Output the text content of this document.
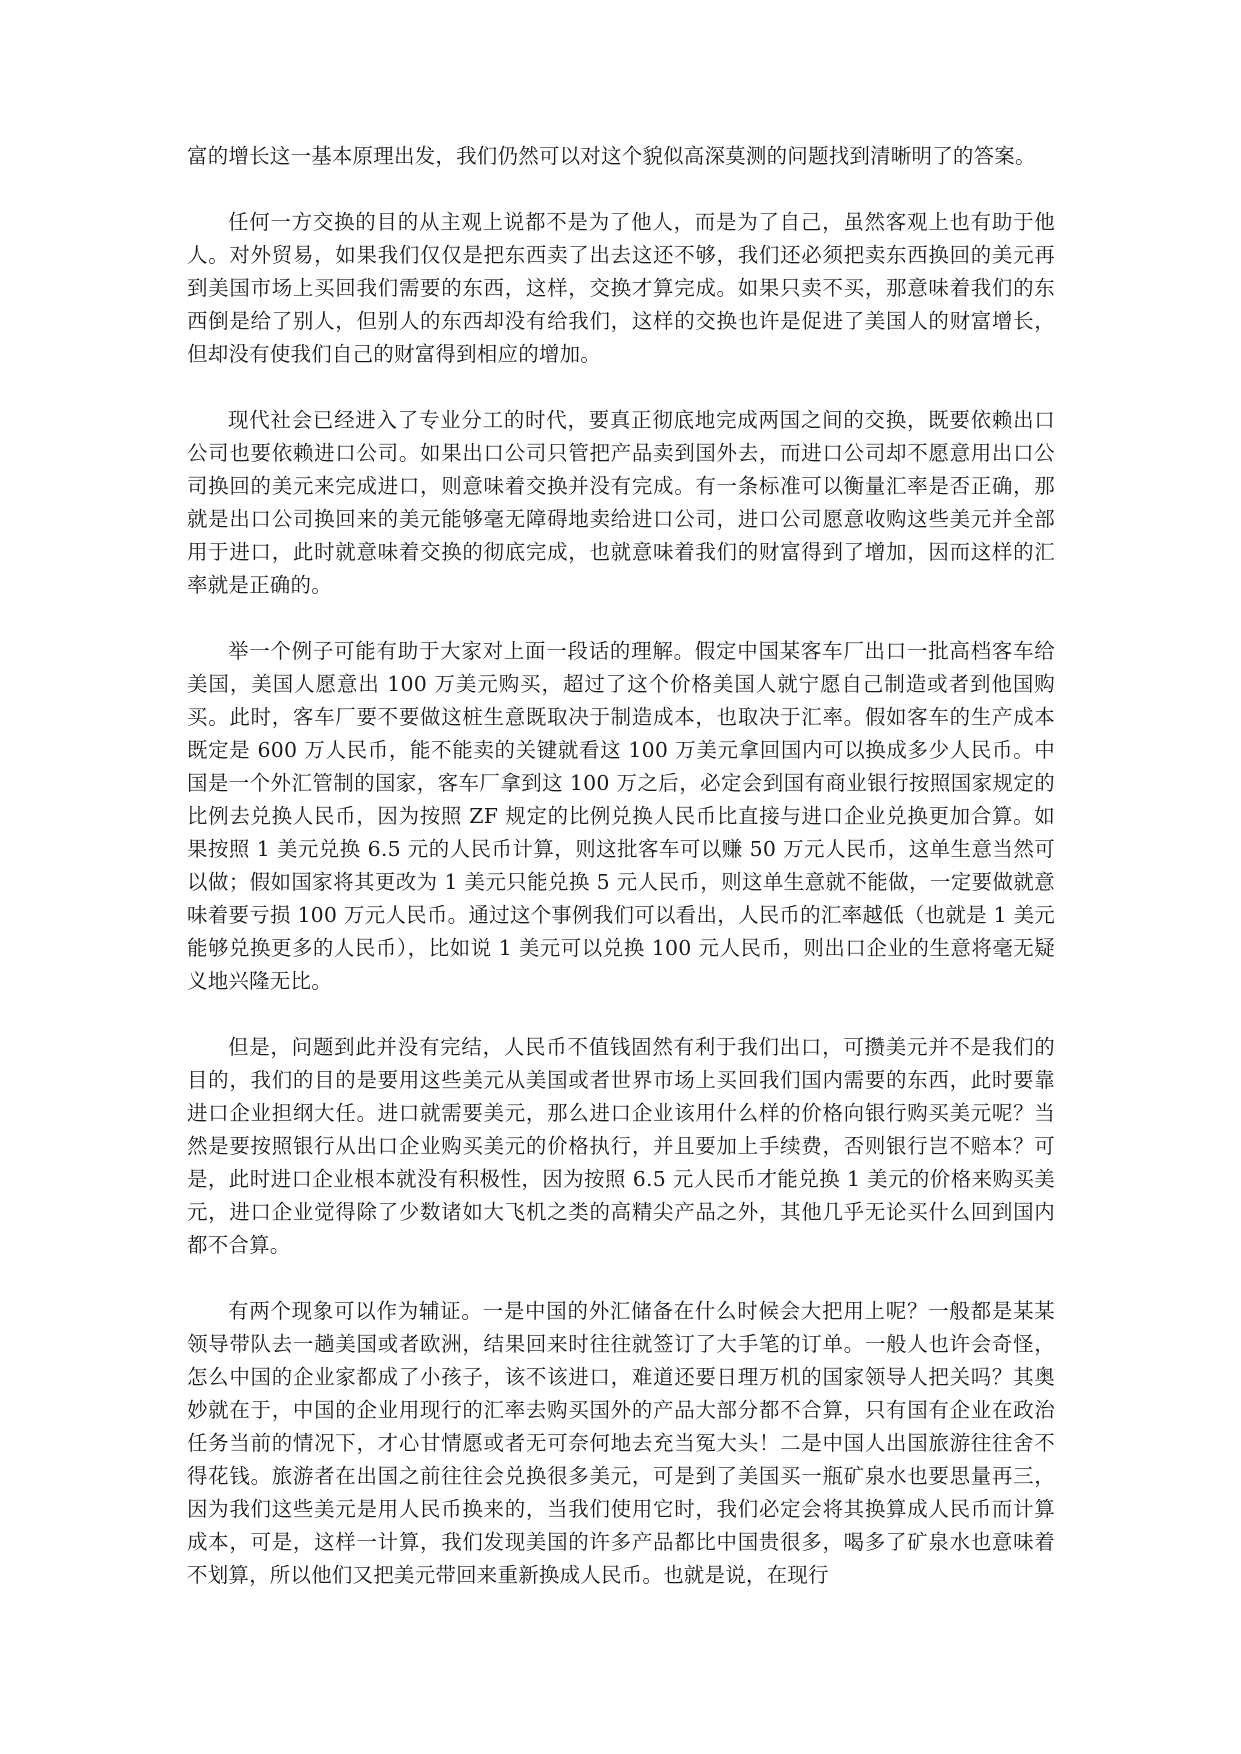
富的增长这一基本原理出发，我们仍然可以对这个貌似高深莫测的问题找到清晰明了的答案。

任何一方交换的目的从主观上说都不是为了他人，而是为了自己，虽然客观上也有助于他人。对外贸易，如果我们仅仅是把东西卖了出去这还不够，我们还必须把卖东西换回的美元再到美国市场上买回我们需要的东西，这样，交换才算完成。如果只卖不买，那意味着我们的东西倒是给了别人，但别人的东西却没有给我们，这样的交换也许是促进了美国人的财富增长，但却没有使我们自己的财富得到相应的增加。

现代社会已经进入了专业分工的时代，要真正彻底地完成两国之间的交换，既要依赖出口公司也要依赖进口公司。如果出口公司只管把产品卖到国外去，而进口公司却不愿意用出口公司换回的美元来完成进口，则意味着交换并没有完成。有一条标准可以衡量汇率是否正确，那就是出口公司换回来的美元能够毫无障碍地卖给进口公司，进口公司愿意收购这些美元并全部用于进口，此时就意味着交换的彻底完成，也就意味着我们的财富得到了增加，因而这样的汇率就是正确的。

举一个例子可能有助于大家对上面一段话的理解。假定中国某客车厂出口一批高档客车给美国，美国人愿意出 100 万美元购买，超过了这个价格美国人就宁愿自己制造或者到他国购买。此时，客车厂要不要做这桩生意既取决于制造成本，也取决于汇率。假如客车的生产成本既定是 600 万人民币，能不能卖的关键就看这 100 万美元拿回国内可以换成多少人民币。中国是一个外汇管制的国家，客车厂拿到这 100 万之后，必定会到国有商业银行按照国家规定的比例去兑换人民币，因为按照 ZF 规定的比例兑换人民币比直接与进口企业兑换更加合算。如果按照 1 美元兑换 6.5 元的人民币计算，则这批客车可以赚 50 万元人民币，这单生意当然可以做；假如国家将其更改为 1 美元只能兑换 5 元人民币，则这单生意就不能做，一定要做就意味着要亏损 100 万元人民币。通过这个事例我们可以看出，人民币的汇率越低（也就是 1 美元能够兑换更多的人民币），比如说 1 美元可以兑换 100 元人民币，则出口企业的生意将毫无疑义地兴隆无比。

但是，问题到此并没有完结，人民币不值钱固然有利于我们出口，可攒美元并不是我们的目的，我们的目的是要用这些美元从美国或者世界市场上买回我们国内需要的东西，此时要靠进口企业担纲大任。进口就需要美元，那么进口企业该用什么样的价格向银行购买美元呢？当然是要按照银行从出口企业购买美元的价格执行，并且要加上手续费，否则银行岂不赔本？可是，此时进口企业根本就没有积极性，因为按照 6.5 元人民币才能兑换 1 美元的价格来购买美元，进口企业觉得除了少数诸如大飞机之类的高精尖产品之外，其他几乎无论买什么回到国内都不合算。

有两个现象可以作为辅证。一是中国的外汇储备在什么时候会大把用上呢？一般都是某某领导带队去一趟美国或者欧洲，结果回来时往往就签订了大手笔的订单。一般人也许会奇怪，怎么中国的企业家都成了小孩子，该不该进口，难道还要日理万机的国家领导人把关吗？其奥妙就在于，中国的企业用现行的汇率去购买国外的产品大部分都不合算，只有国有企业在政治任务当前的情况下，才心甘情愿或者无可奈何地去充当冤大头！二是中国人出国旅游往往舍不得花钱。旅游者在出国之前往往会兑换很多美元，可是到了美国买一瓶矿泉水也要思量再三，因为我们这些美元是用人民币换来的，当我们使用它时，我们必定会将其换算成人民币而计算成本，可是，这样一计算，我们发现美国的许多产品都比中国贵很多，喝多了矿泉水也意味着不划算，所以他们又把美元带回来重新换成人民币。也就是说，在现行
